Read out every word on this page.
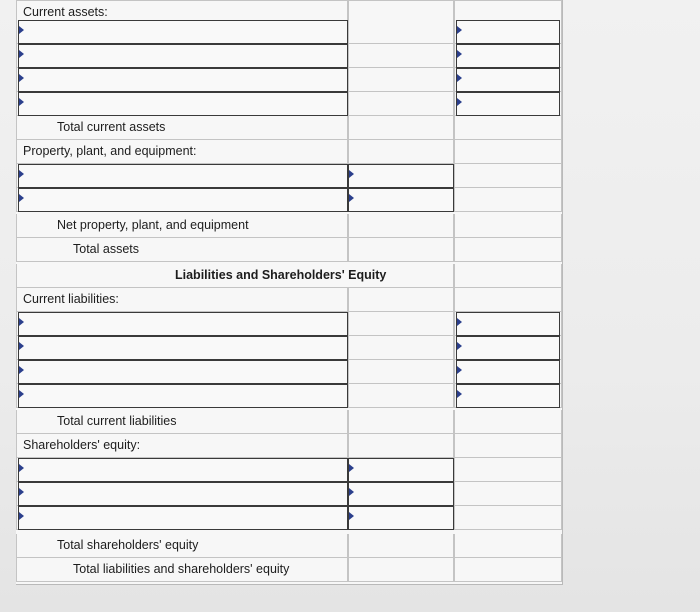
Current assets:
Total current assets
Property, plant, and equipment:
Net property, plant, and equipment
Total assets
Liabilities and Shareholders' Equity
Current liabilities:
Total current liabilities
Shareholders' equity:
Total shareholders' equity
Total liabilities and shareholders' equity
